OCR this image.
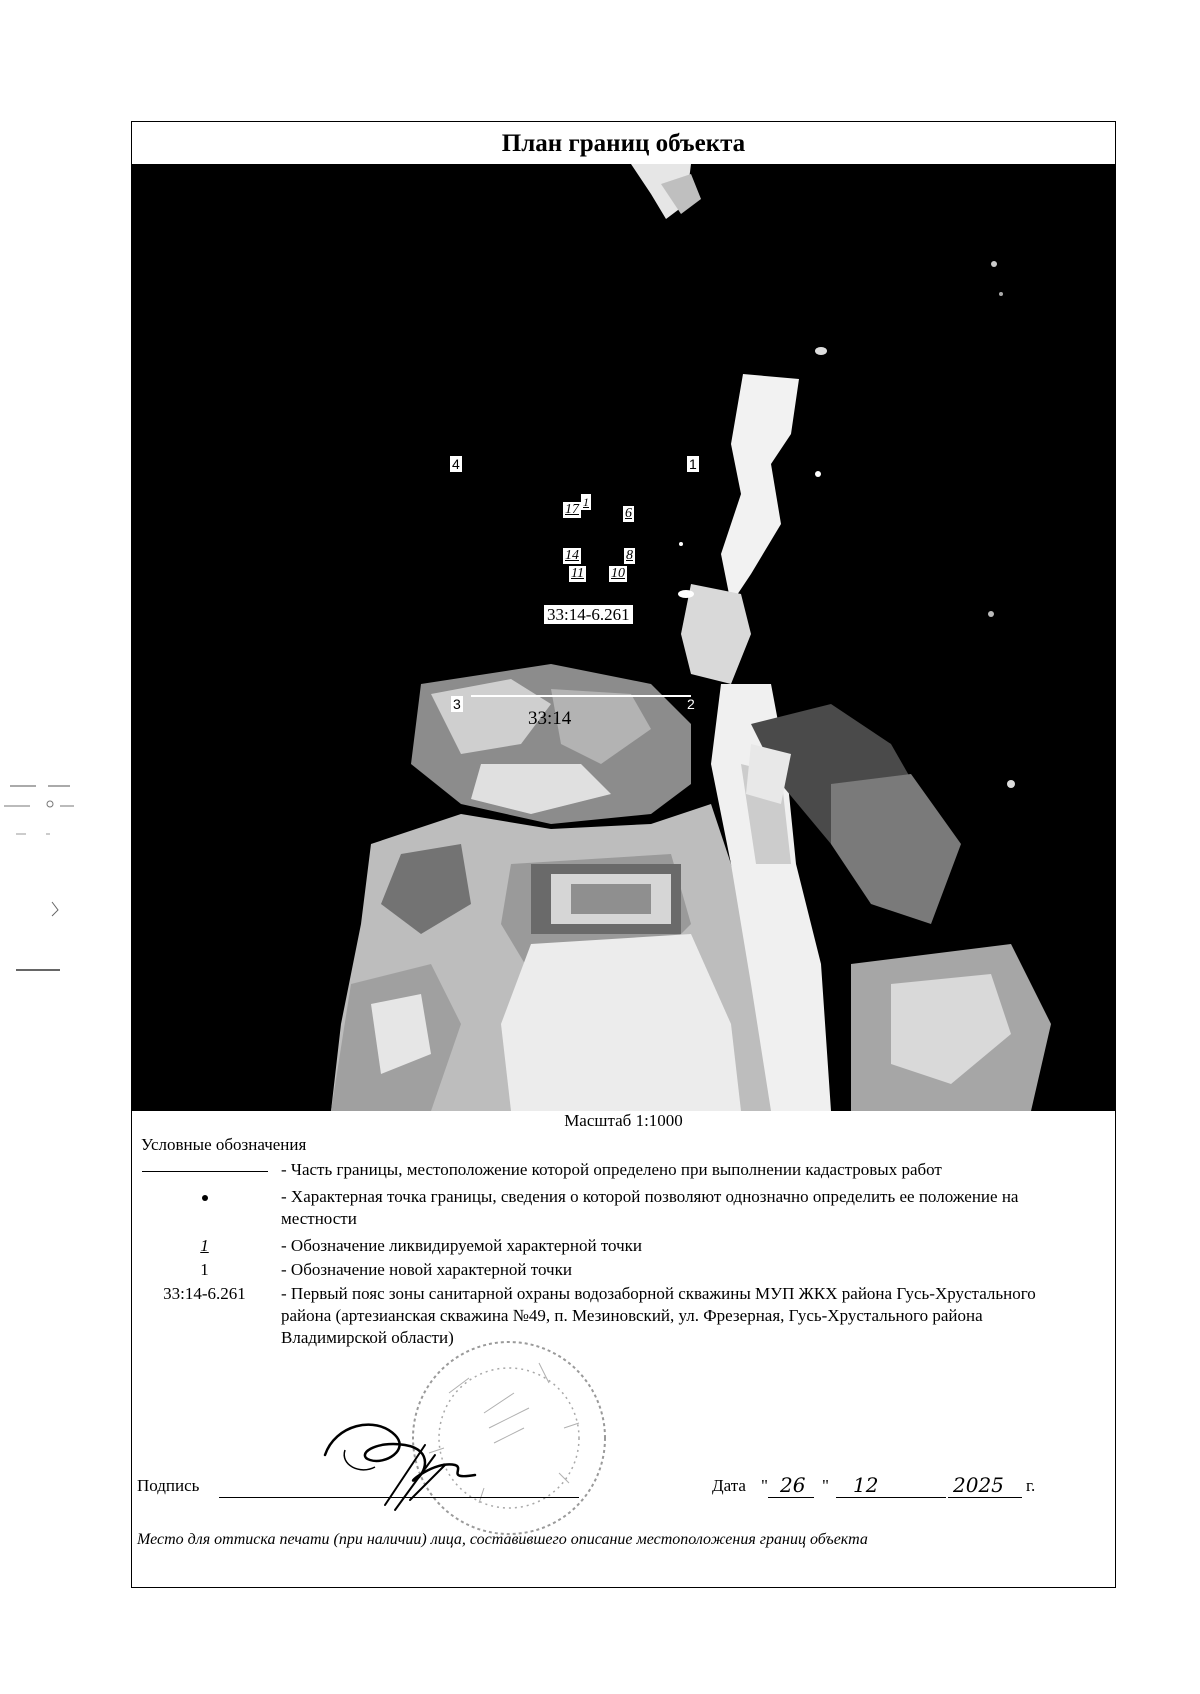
План границ объекта
4	1
3	2
17 1
6
14	8
11 10
33:14-6.261
33:14
Масштаб 1:1000
Условные обозначения
- Часть границы, местоположение которой определено при выполнении кадастровых работ
- Характерная точка границы, сведения о которой позволяют однозначно определить ее положение на местности
1	- Обозначение ликвидируемой характерной точки
1	- Обозначение новой характерной точки
33:14-6.261	- Первый пояс зоны санитарной охраны водозаборной скважины МУП ЖКХ района Гусь-Хрустального района (артезианская скважина №49, п. Мезиновский, ул. Фрезерная, Гусь-Хрустального района Владимирской области)
Подпись	Дата " 26 " 12	2025 г.
Место для оттиска печати (при наличии) лица, составившего описание местоположения границ объекта
